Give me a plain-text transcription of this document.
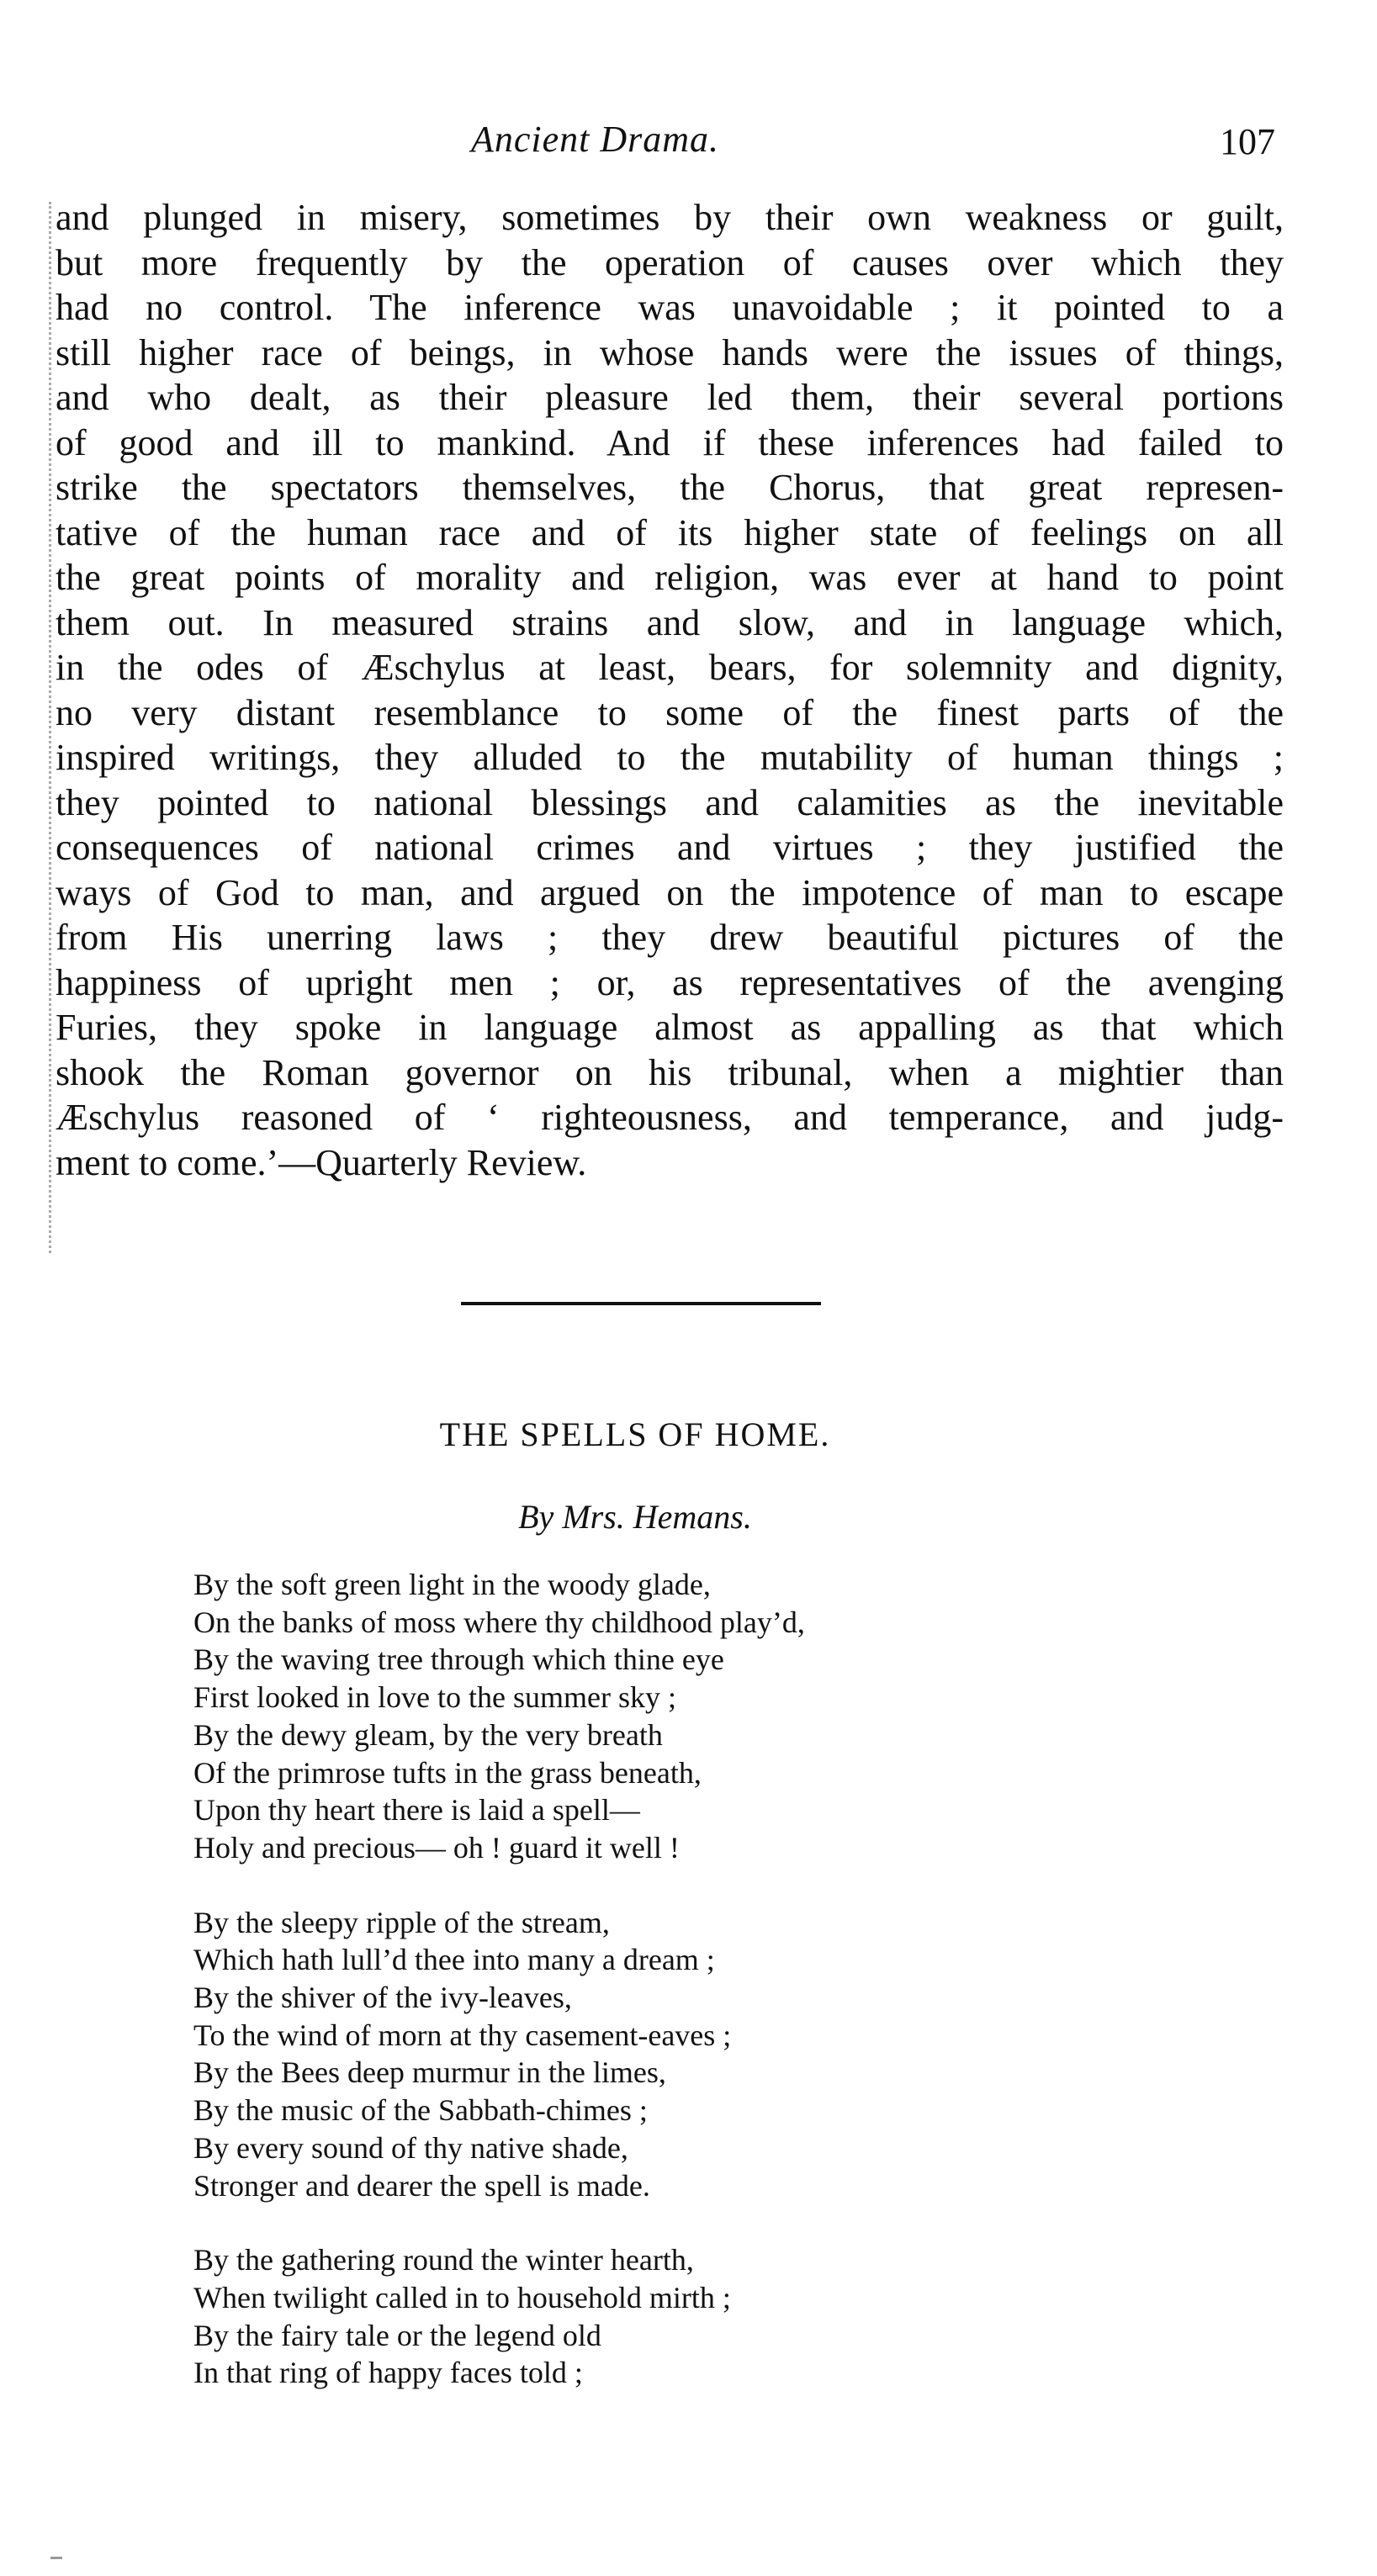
Ancient Drama.	107
and plunged in misery, sometimes by their own weakness or guilt,
but more frequently by the operation of causes over which they
had no control. The inference was unavoidable ; it pointed to a
still higher race of beings, in whose hands were the issues of things,
and who dealt, as their pleasure led them, their several portions
of good and ill to mankind. And if these inferences had failed to
strike the spectators themselves, the Chorus, that great represen-
tative of the human race and of its higher state of feelings on all
the great points of morality and religion, was ever at hand to point
them out. In measured strains and slow, and in language which,
in the odes of Æschylus at least, bears, for solemnity and dignity,
no very distant resemblance to some of the finest parts of the
inspired writings, they alluded to the mutability of human things ;
they pointed to national blessings and calamities as the inevitable
consequences of national crimes and virtues ; they justified the
ways of God to man, and argued on the impotence of man to escape
from His unerring laws ; they drew beautiful pictures of the
happiness of upright men ; or, as representatives of the avenging
Furies, they spoke in language almost as appalling as that which
shook the Roman governor on his tribunal, when a mightier than
Æschylus reasoned of ‘ righteousness, and temperance, and judg-
ment to come.’—Quarterly Review.
THE SPELLS OF HOME.
By Mrs. Hemans.
By the soft green light in the woody glade,
On the banks of moss where thy childhood play’d,
By the waving tree through which thine eye
First looked in love to the summer sky ;
By the dewy gleam, by the very breath
Of the primrose tufts in the grass beneath,
Upon thy heart there is laid a spell—
Holy and precious— oh ! guard it well !
By the sleepy ripple of the stream,
Which hath lull’d thee into many a dream ;
By the shiver of the ivy-leaves,
To the wind of morn at thy casement-eaves ;
By the Bees deep murmur in the limes,
By the music of the Sabbath-chimes ;
By every sound of thy native shade,
Stronger and dearer the spell is made.
By the gathering round the winter hearth,
When twilight called in to household mirth ;
By the fairy tale or the legend old
In that ring of happy faces told ;
